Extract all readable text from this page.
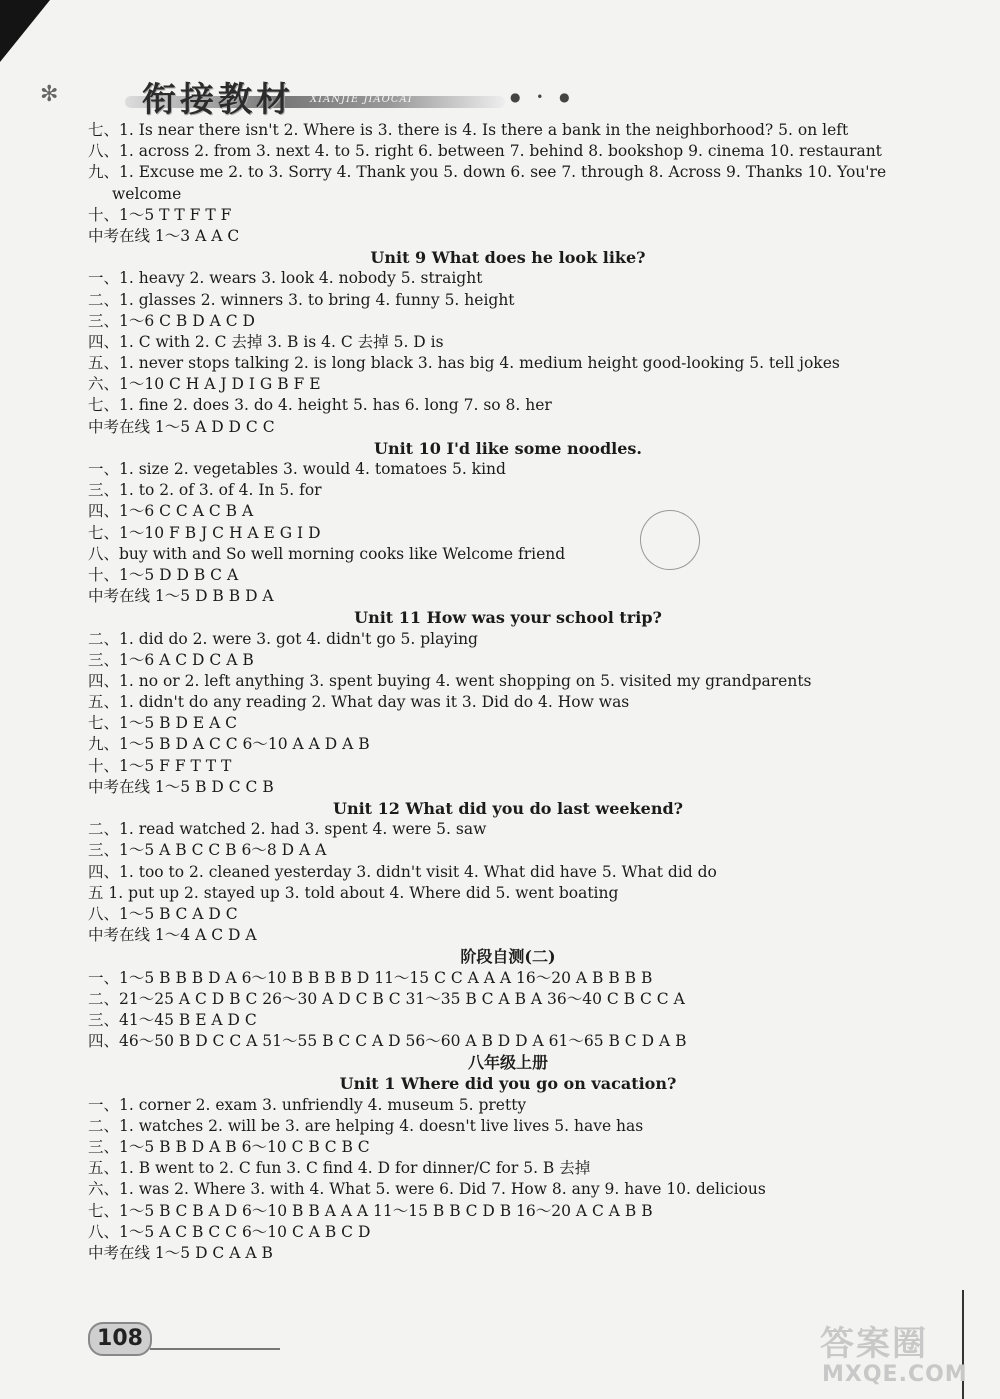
✻ 衔接教材 XIANJIE JIAOCAI	● • ●
七、1. Is near there isn't 2. Where is 3. there is 4. Is there a bank in the neighborhood? 5. on left
八、1. across 2. from 3. next 4. to 5. right 6. between 7. behind 8. bookshop 9. cinema 10. restaurant
九、1. Excuse me 2. to 3. Sorry 4. Thank you 5. down 6. see 7. through 8. Across 9. Thanks 10. You're
welcome
十、1～5 T T F T F
中考在线 1～3 A A C
Unit 9 What does he look like?
一、1. heavy 2. wears 3. look 4. nobody 5. straight
二、1. glasses 2. winners 3. to bring 4. funny 5. height
三、1～6 C B D A C D
四、1. C with 2. C 去掉 3. B is 4. C 去掉 5. D is
五、1. never stops talking 2. is long black 3. has big 4. medium height good-looking 5. tell jokes
六、1～10 C H A J D I G B F E
七、1. fine 2. does 3. do 4. height 5. has 6. long 7. so 8. her
中考在线 1～5 A D D C C
Unit 10 I'd like some noodles.
一、1. size 2. vegetables 3. would 4. tomatoes 5. kind
三、1. to 2. of 3. of 4. In 5. for
四、1～6 C C A C B A
七、1～10 F B J C H A E G I D
八、buy with and So well morning cooks like Welcome friend
十、1～5 D D B C A
中考在线 1～5 D B B D A
Unit 11 How was your school trip?
二、1. did do 2. were 3. got 4. didn't go 5. playing
三、1～6 A C D C A B
四、1. no or 2. left anything 3. spent buying 4. went shopping on 5. visited my grandparents
五、1. didn't do any reading 2. What day was it 3. Did do 4. How was
七、1～5 B D E A C
九、1～5 B D A C C 6～10 A A D A B
十、1～5 F F T T T
中考在线 1～5 B D C C B
Unit 12 What did you do last weekend?
二、1. read watched 2. had 3. spent 4. were 5. saw
三、1～5 A B C C B 6～8 D A A
四、1. too to 2. cleaned yesterday 3. didn't visit 4. What did have 5. What did do
五 1. put up 2. stayed up 3. told about 4. Where did 5. went boating
八、1～5 B C A D C
中考在线 1～4 A C D A
阶段自测(二)
一、1～5 B B B D A 6～10 B B B B D 11～15 C C A A A 16～20 A B B B B
二、21～25 A C D B C 26～30 A D C B C 31～35 B C A B A 36～40 C B C C A
三、41～45 B E A D C
四、46～50 B D C C A 51～55 B C C A D 56～60 A B D D A 61～65 B C D A B
八年级上册
Unit 1 Where did you go on vacation?
一、1. corner 2. exam 3. unfriendly 4. museum 5. pretty
二、1. watches 2. will be 3. are helping 4. doesn't live lives 5. have has
三、1～5 B B D A B 6～10 C B C B C
五、1. B went to 2. C fun 3. C find 4. D for dinner/C for 5. B 去掉
六、1. was 2. Where 3. with 4. What 5. were 6. Did 7. How 8. any 9. have 10. delicious
七、1～5 B C B A D 6～10 B B A A A 11～15 B B C D B 16～20 A C A B B
八、1～5 A C B C C 6～10 C A B C D
中考在线 1～5 D C A A B
108	答案圈
MXQE.COM
